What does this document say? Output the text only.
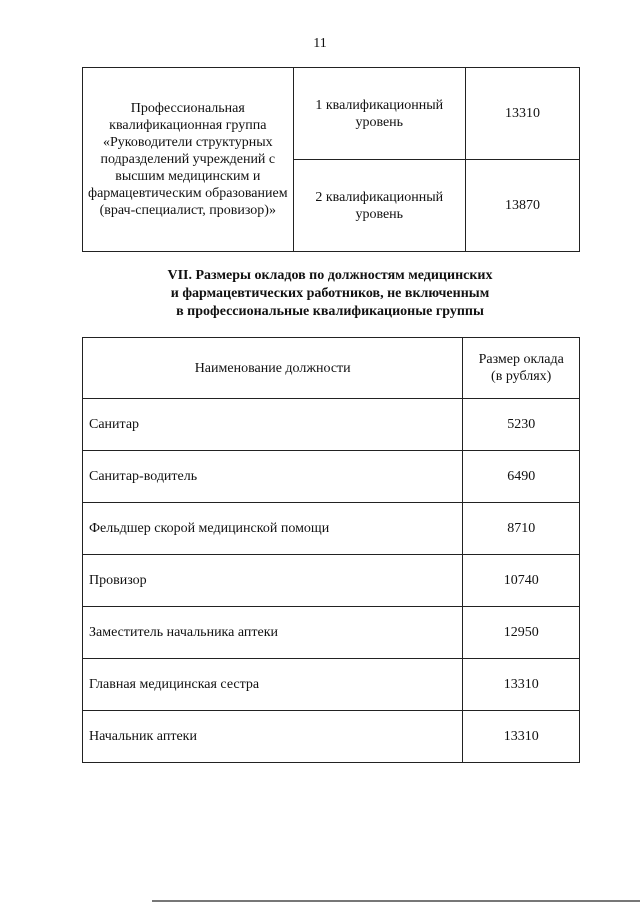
11
Профессиональная квалификационная группа «Руководители структурных подразделений учреждений с высшим медицинским и фармацевтическим образованием (врач-специалист, провизор)»	1 квалификационный уровень	13310
	2 квалификационный уровень	13870
VII. Размеры окладов по должностям медицинских
и фармацевтических работников, не включенным
в профессиональные квалификационые группы
Наименование должности	Размер оклада
(в рублях)

Санитар	5230
Санитар-водитель	6490
Фельдшер скорой медицинской помощи	8710
Провизор	10740
Заместитель начальника аптеки	12950
Главная медицинская сестра	13310
Начальник аптеки	13310
